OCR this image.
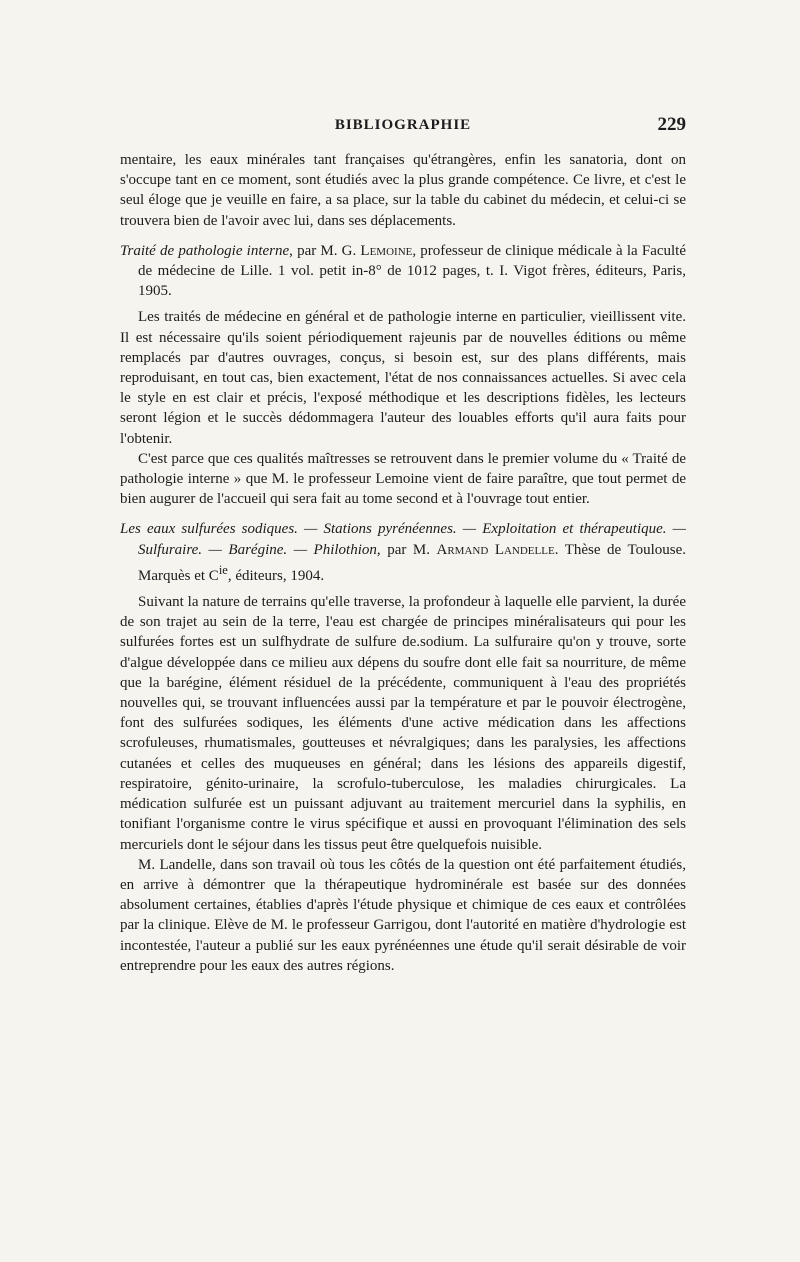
BIBLIOGRAPHIE	229

mentaire, les eaux minérales tant françaises qu'étrangères, enfin les sanatoria, dont on s'occupe tant en ce moment, sont étudiés avec la plus grande compétence. Ce livre, et c'est le seul éloge que je veuille en faire, a sa place, sur la table du cabinet du médecin, et celui-ci se trouvera bien de l'avoir avec lui, dans ses déplacements.

Traité de pathologie interne, par M. G. Lemoine, professeur de clinique médicale à la Faculté de médecine de Lille. 1 vol. petit in-8° de 1012 pages, t. I. Vigot frères, éditeurs, Paris, 1905.

Les traités de médecine en général et de pathologie interne en particulier, vieillissent vite. Il est nécessaire qu'ils soient périodiquement rajeunis par de nouvelles éditions ou même remplacés par d'autres ouvrages, conçus, si besoin est, sur des plans différents, mais reproduisant, en tout cas, bien exactement, l'état de nos connaissances actuelles. Si avec cela le style en est clair et précis, l'exposé méthodique et les descriptions fidèles, les lecteurs seront légion et le succès dédommagera l'auteur des louables efforts qu'il aura faits pour l'obtenir.

C'est parce que ces qualités maîtresses se retrouvent dans le premier volume du « Traité de pathologie interne » que M. le professeur Lemoine vient de faire paraître, que tout permet de bien augurer de l'accueil qui sera fait au tome second et à l'ouvrage tout entier.

Les eaux sulfurées sodiques. — Stations pyrénéennes. — Exploitation et thérapeutique. — Sulfuraire. — Barégine. — Philothion, par M. Armand Landelle. Thèse de Toulouse. Marquès et $C^{ie}$, éditeurs, 1904.

Suivant la nature de terrains qu'elle traverse, la profondeur à laquelle elle parvient, la durée de son trajet au sein de la terre, l'eau est chargée de principes minéralisateurs qui pour les sulfurées fortes est un sulfhydrate de sulfure de.sodium. La sulfuraire qu'on y trouve, sorte d'algue développée dans ce milieu aux dépens du soufre dont elle fait sa nourriture, de même que la barégine, élément résiduel de la précédente, communiquent à l'eau des propriétés nouvelles qui, se trouvant influencées aussi par la température et par le pouvoir électrogène, font des sulfurées sodiques, les éléments d'une active médication dans les affections scrofuleuses, rhumatismales, goutteuses et névralgiques; dans les paralysies, les affections cutanées et celles des muqueuses en général; dans les lésions des appareils digestif, respiratoire, génito-urinaire, la scrofulo-tuberculose, les maladies chirurgicales. La médication sulfurée est un puissant adjuvant au traitement mercuriel dans la syphilis, en tonifiant l'organisme contre le virus spécifique et aussi en provoquant l'élimination des sels mercuriels dont le séjour dans les tissus peut être quelquefois nuisible.

M. Landelle, dans son travail où tous les côtés de la question ont été parfaitement étudiés, en arrive à démontrer que la thérapeutique hydrominérale est basée sur des données absolument certaines, établies d'après l'étude physique et chimique de ces eaux et contrôlées par la clinique. Elève de M. le professeur Garrigou, dont l'autorité en matière d'hydrologie est incontestée, l'auteur a publié sur les eaux pyrénéennes une étude qu'il serait désirable de voir entreprendre pour les eaux des autres régions.
